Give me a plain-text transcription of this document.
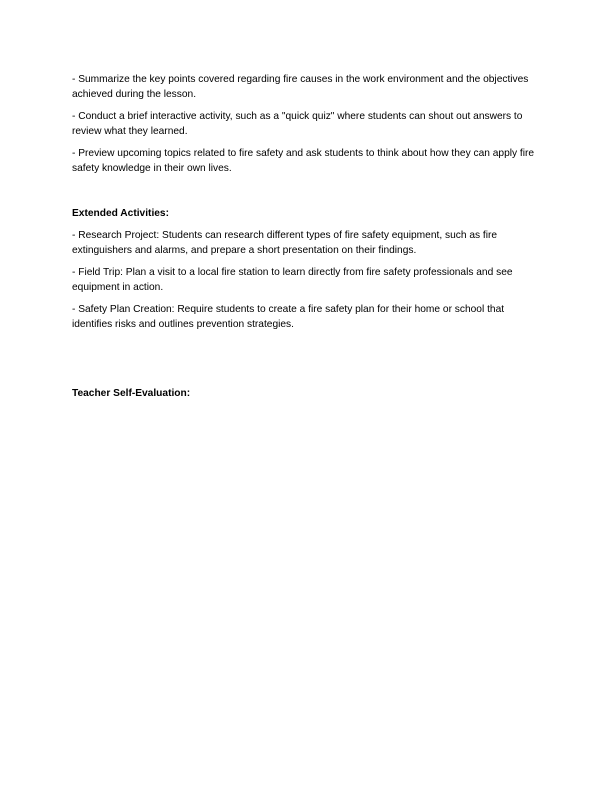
- Summarize the key points covered regarding fire causes in the work environment and the objectives achieved during the lesson.

- Conduct a brief interactive activity, such as a "quick quiz" where students can shout out answers to review what they learned.

- Preview upcoming topics related to fire safety and ask students to think about how they can apply fire safety knowledge in their own lives.

Extended Activities:

- Research Project: Students can research different types of fire safety equipment, such as fire extinguishers and alarms, and prepare a short presentation on their findings.

- Field Trip: Plan a visit to a local fire station to learn directly from fire safety professionals and see equipment in action.

- Safety Plan Creation: Require students to create a fire safety plan for their home or school that identifies risks and outlines prevention strategies.

Teacher Self-Evaluation:
